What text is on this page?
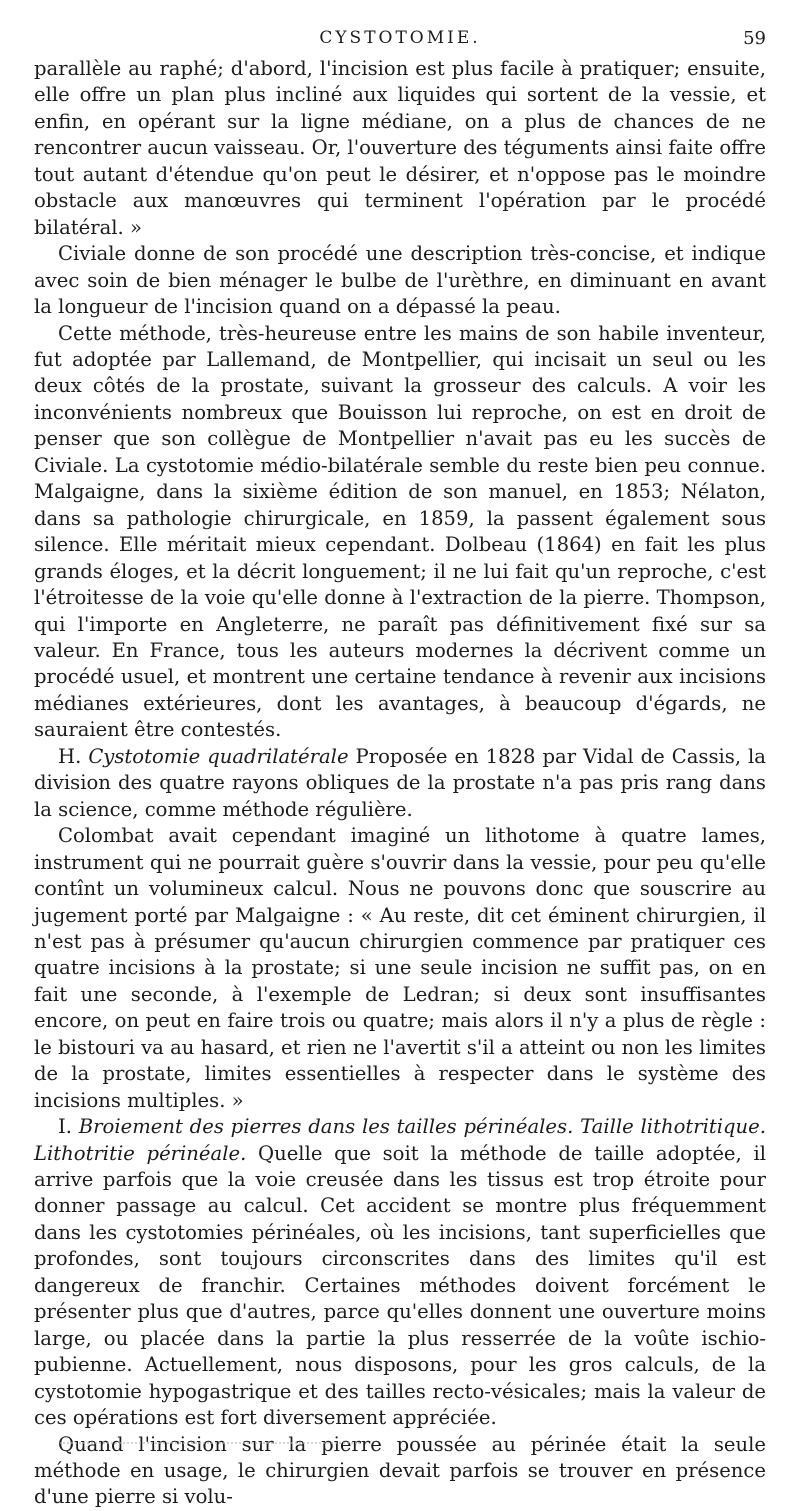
CYSTOTOMIE.	59

parallèle au raphé; d'abord, l'incision est plus facile à pratiquer; ensuite, elle offre un plan plus incliné aux liquides qui sortent de la vessie, et enfin, en opérant sur la ligne médiane, on a plus de chances de ne rencontrer aucun vaisseau. Or, l'ouverture des téguments ainsi faite offre tout autant d'étendue qu'on peut le désirer, et n'oppose pas le moindre obstacle aux manœuvres qui terminent l'opération par le procédé bilatéral. »

Civiale donne de son procédé une description très-concise, et indique avec soin de bien ménager le bulbe de l'urèthre, en diminuant en avant la longueur de l'incision quand on a dépassé la peau.

Cette méthode, très-heureuse entre les mains de son habile inventeur, fut adoptée par Lallemand, de Montpellier, qui incisait un seul ou les deux côtés de la prostate, suivant la grosseur des calculs. A voir les inconvénients nombreux que Bouisson lui reproche, on est en droit de penser que son collègue de Montpellier n'avait pas eu les succès de Civiale. La cystotomie médio-bilatérale semble du reste bien peu connue. Malgaigne, dans la sixième édition de son manuel, en 1853; Nélaton, dans sa pathologie chirurgicale, en 1859, la passent également sous silence. Elle méritait mieux cependant. Dolbeau (1864) en fait les plus grands éloges, et la décrit longuement; il ne lui fait qu'un reproche, c'est l'étroitesse de la voie qu'elle donne à l'extraction de la pierre. Thompson, qui l'importe en Angleterre, ne paraît pas définitivement fixé sur sa valeur. En France, tous les auteurs modernes la décrivent comme un procédé usuel, et montrent une certaine tendance à revenir aux incisions médianes extérieures, dont les avantages, à beaucoup d'égards, ne sauraient être contestés.

H. Cystotomie quadrilatérale Proposée en 1828 par Vidal de Cassis, la division des quatre rayons obliques de la prostate n'a pas pris rang dans la science, comme méthode régulière.

Colombat avait cependant imaginé un lithotome à quatre lames, instrument qui ne pourrait guère s'ouvrir dans la vessie, pour peu qu'elle contînt un volumineux calcul. Nous ne pouvons donc que souscrire au jugement porté par Malgaigne : « Au reste, dit cet éminent chirurgien, il n'est pas à présumer qu'aucun chirurgien commence par pratiquer ces quatre incisions à la prostate; si une seule incision ne suffit pas, on en fait une seconde, à l'exemple de Ledran; si deux sont insuffisantes encore, on peut en faire trois ou quatre; mais alors il n'y a plus de règle : le bistouri va au hasard, et rien ne l'avertit s'il a atteint ou non les limites de la prostate, limites essentielles à respecter dans le système des incisions multiples. »

I. Broiement des pierres dans les tailles périnéales. Taille lithotritique. Lithotritie périnéale. Quelle que soit la méthode de taille adoptée, il arrive parfois que la voie creusée dans les tissus est trop étroite pour donner passage au calcul. Cet accident se montre plus fréquemment dans les cystotomies périnéales, où les incisions, tant superficielles que profondes, sont toujours circonscrites dans des limites qu'il est dangereux de franchir. Certaines méthodes doivent forcément le présenter plus que d'autres, parce qu'elles donnent une ouverture moins large, ou placée dans la partie la plus resserrée de la voûte ischio-pubienne. Actuellement, nous disposons, pour les gros calculs, de la cystotomie hypogastrique et des tailles recto-vésicales; mais la valeur de ces opérations est fort diversement appréciée.

Quand l'incision sur la pierre poussée au périnée était la seule méthode en usage, le chirurgien devait parfois se trouver en présence d'une pierre si volu-
